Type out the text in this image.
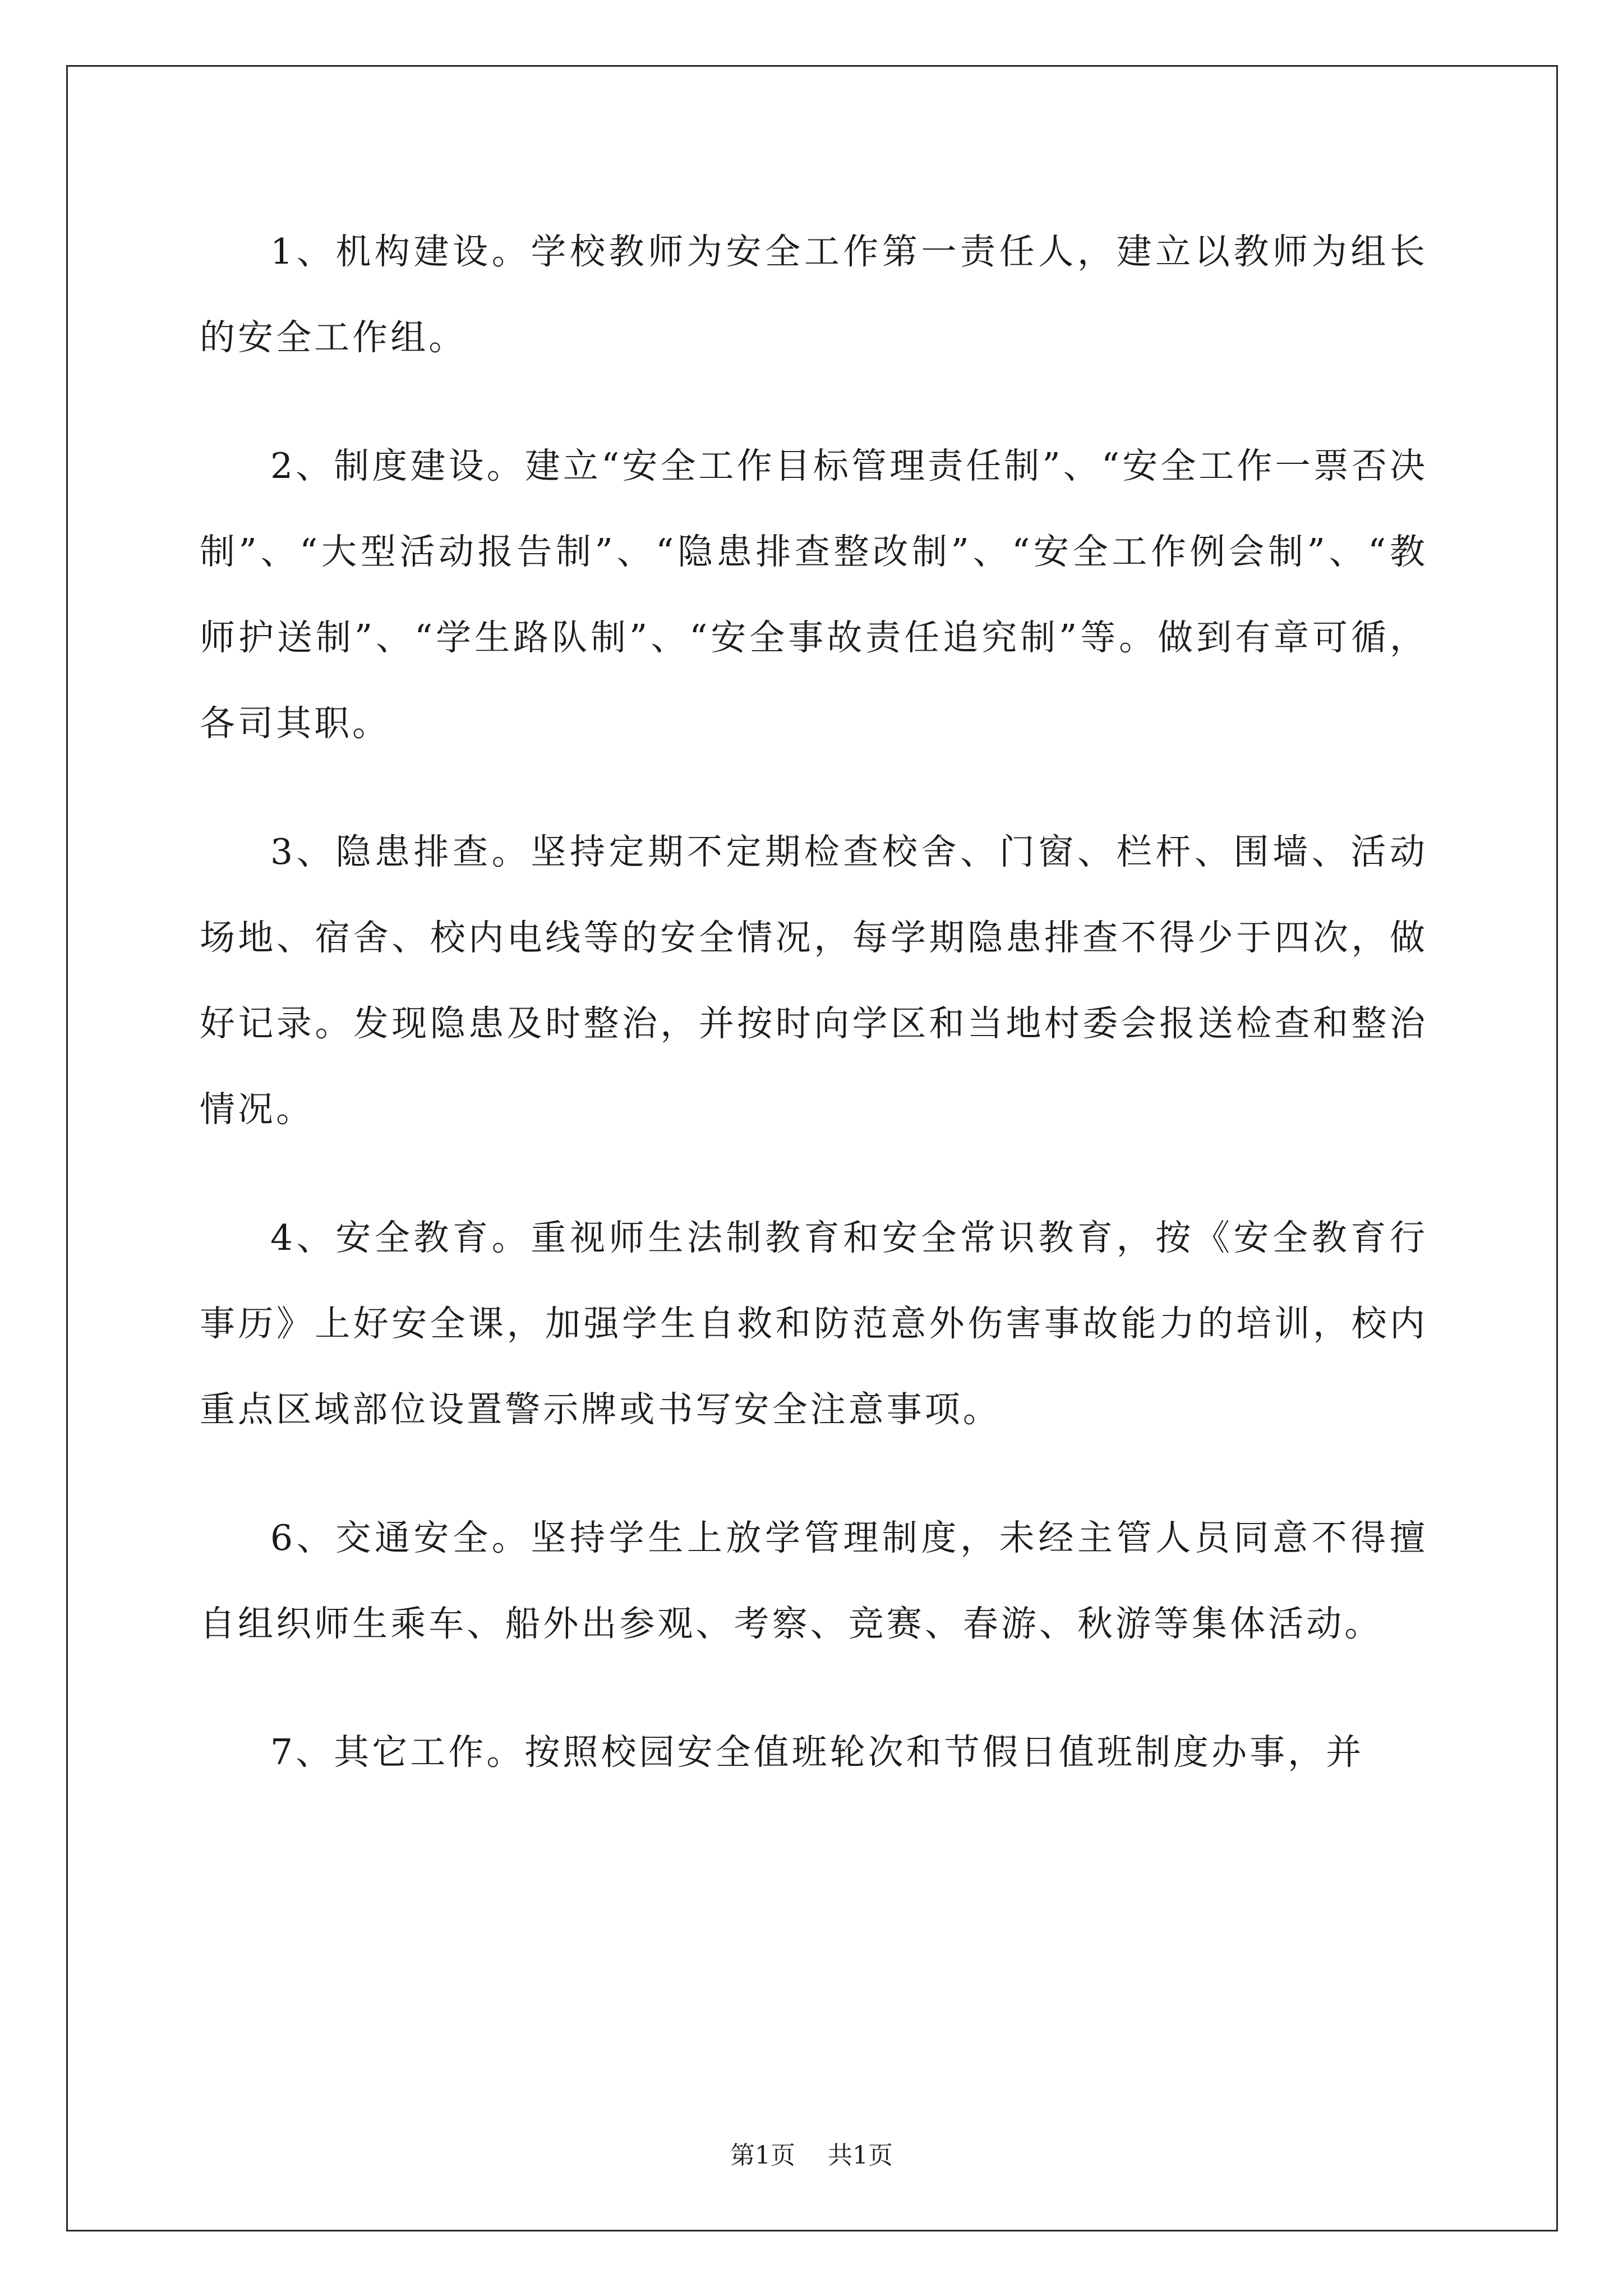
1、机构建设。学校教师为安全工作第一责任人，建立以教师为组长的安全工作组。

2、制度建设。建立“安全工作目标管理责任制”、“安全工作一票否决制”、“大型活动报告制”、“隐患排查整改制”、“安全工作例会制”、“教师护送制”、“学生路队制”、“安全事故责任追究制”等。做到有章可循，各司其职。

3、隐患排查。坚持定期不定期检查校舍、门窗、栏杆、围墙、活动场地、宿舍、校内电线等的安全情况，每学期隐患排查不得少于四次，做好记录。发现隐患及时整治，并按时向学区和当地村委会报送检查和整治情况。

4、安全教育。重视师生法制教育和安全常识教育，按《安全教育行事历》上好安全课，加强学生自救和防范意外伤害事故能力的培训，校内重点区域部位设置警示牌或书写安全注意事项。

6、交通安全。坚持学生上放学管理制度，未经主管人员同意不得擅自组织师生乘车、船外出参观、考察、竞赛、春游、秋游等集体活动。

7、其它工作。按照校园安全值班轮次和节假日值班制度办事，并

第1页 共1页
